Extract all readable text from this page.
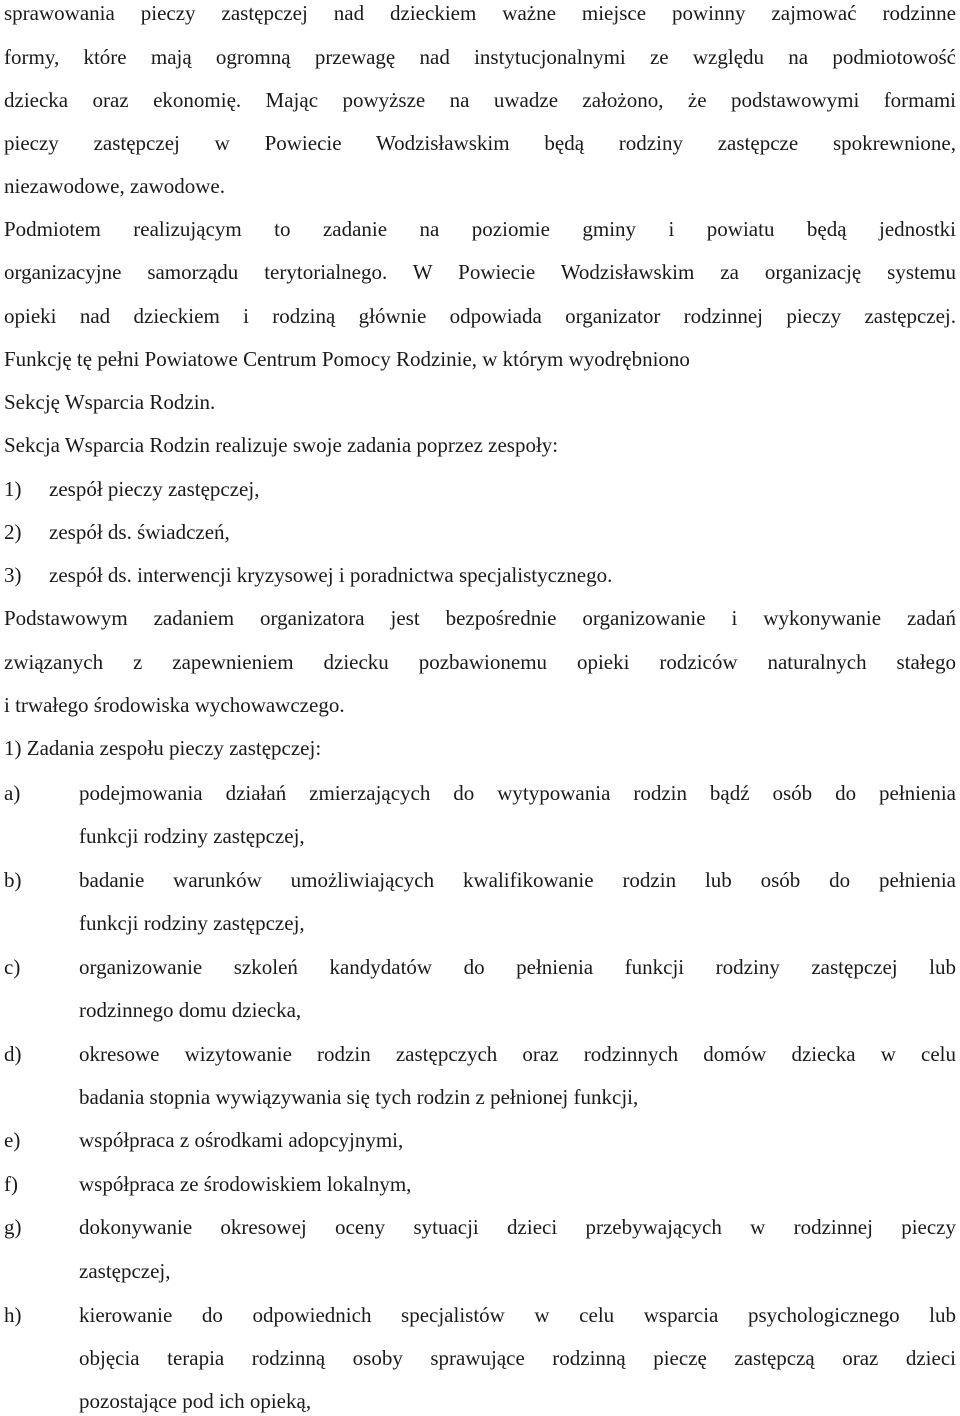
sprawowania pieczy zastępczej nad dzieckiem ważne miejsce powinny zajmować rodzinne
formy, które mają ogromną przewagę nad instytucjonalnymi ze względu na podmiotowość
dziecka oraz ekonomię. Mając powyższe na uwadze założono, że podstawowymi formami
pieczy zastępczej w Powiecie Wodzisławskim będą rodziny zastępcze spokrewnione,
niezawodowe, zawodowe.
Podmiotem realizującym to zadanie na poziomie gminy i powiatu będą jednostki
organizacyjne samorządu terytorialnego. W Powiecie Wodzisławskim za organizację systemu
opieki nad dzieckiem i rodziną głównie odpowiada organizator rodzinnej pieczy zastępczej.
Funkcję tę pełni Powiatowe Centrum Pomocy Rodzinie, w którym wyodrębniono
Sekcję Wsparcia Rodzin.
Sekcja Wsparcia Rodzin realizuje swoje zadania poprzez zespoły:
1) zespół pieczy zastępczej,
2) zespół ds. świadczeń,
3) zespół ds. interwencji kryzysowej i poradnictwa specjalistycznego.
Podstawowym zadaniem organizatora jest bezpośrednie organizowanie i wykonywanie zadań
związanych z zapewnieniem dziecku pozbawionemu opieki rodziców naturalnych stałego
i trwałego środowiska wychowawczego.
1) Zadania zespołu pieczy zastępczej:
a)	podejmowania działań zmierzających do wytypowania rodzin bądź osób do pełnienia
funkcji rodziny zastępczej,
b)	badanie warunków umożliwiających kwalifikowanie rodzin lub osób do pełnienia
funkcji rodziny zastępczej,
c)	organizowanie szkoleń kandydatów do pełnienia funkcji rodziny zastępczej lub
rodzinnego domu dziecka,
d)	okresowe wizytowanie rodzin zastępczych oraz rodzinnych domów dziecka w celu
badania stopnia wywiązywania się tych rodzin z pełnionej funkcji,
e)	współpraca z ośrodkami adopcyjnymi,
f)	współpraca ze środowiskiem lokalnym,
g)	dokonywanie okresowej oceny sytuacji dzieci przebywających w rodzinnej pieczy
zastępczej,
h)	kierowanie do odpowiednich specjalistów w celu wsparcia psychologicznego lub
objęcia terapia rodzinną osoby sprawujące rodzinną pieczę zastępczą oraz dzieci
pozostające pod ich opieką,
